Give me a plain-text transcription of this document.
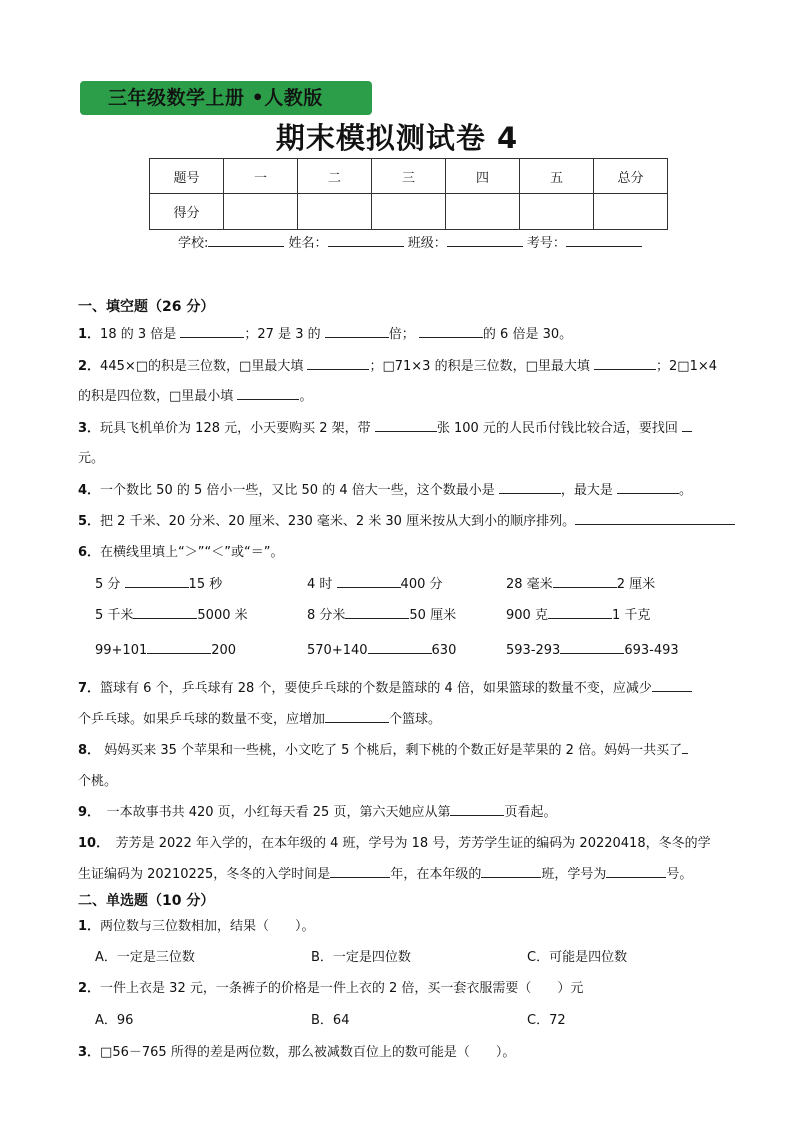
三年级数学上册 •人教版
期末模拟测试卷 4
题号	一	二	三	四	五	总分
得分						
学校:	姓名：	班级：	考号：
一、填空题（26 分）
1．18 的 3 倍是	；27 是 3 的	倍；	的 6 倍是 30。
2．445×□的积是三位数，□里最大填	；□71×3 的积是三位数，□里最大填	；2□1×4
的积是四位数，□里最小填	。
3．玩具飞机单价为 128 元，小天要购买 2 架，带	张 100 元的人民币付钱比较合适，要找回
元。
4．一个数比 50 的 5 倍小一些，又比 50 的 4 倍大一些，这个数最小是	，最大是	。
5．把 2 千米、20 分米、20 厘米、230 毫米、2 米 30 厘米按从大到小的顺序排列。
6．在横线里填上“＞”“＜”或“＝”。
5 分	15 秒	4 时	400 分	28 毫米	2 厘米
5 千米	5000 米	8 分米	50 厘米	900 克	1 千克
99+101	200	570+140	630	593-293	693-493
7．篮球有 6 个，乒乓球有 28 个，要使乒乓球的个数是篮球的 4 倍，如果篮球的数量不变，应减少
个乒乓球。如果乒乓球的数量不变，应增加	个篮球。
8． 妈妈买来 35 个苹果和一些桃，小文吃了 5 个桃后，剩下桃的个数正好是苹果的 2 倍。妈妈一共买了
个桃。
9．　 一本故事书共 420 页，小红每天看 25 页，第六天她应从第	页看起。
10．　 芳芳是 2022 年入学的，在本年级的 4 班，学号为 18 号，芳芳学生证的编码为 20220418，冬冬的学
生证编码为 20210225，冬冬的入学时间是	年，在本年级的	班，学号为	号。
二、单选题（10 分）
1．两位数与三位数相加，结果（　　）。
A．一定是三位数	B．一定是四位数	C．可能是四位数
2．一件上衣是 32 元，一条裤子的价格是一件上衣的 2 倍，买一套衣服需要（　　）元
A．96	B．64	C．72
3．□56－765 所得的差是两位数，那么被减数百位上的数可能是（　　）。
